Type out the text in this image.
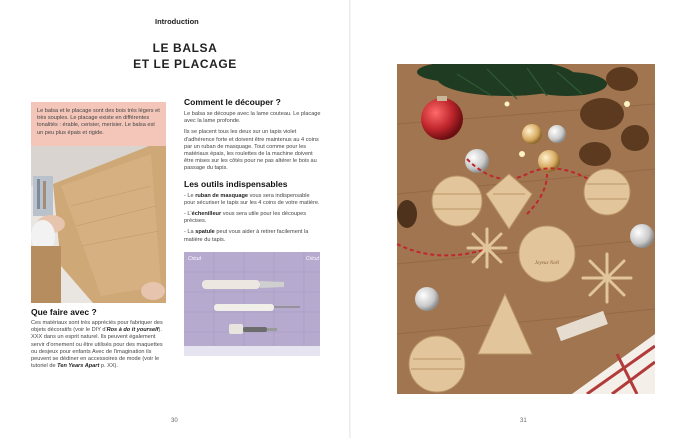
Introduction
LE BALSA
ET LE PLACAGE

Le balsa et le placage sont des bois très légers et très souples. Le placage existe en différentes tonalités : érable, cerisier, merisier. Le balsa est un peu plus épais et rigide.

Que faire avec ?

Ces matériaux sont très appréciés pour fabriquer des objets décoratifs (voir le DIY d'Ros à do it yourself). XXX dans un esprit naturel. Ils peuvent également servir d'ornement ou être utilisés pour des maquettes ou desjeux pour enfants Avec de l'imagination ils peuvent se dédiner en accessoires de mode (voir le tutoriel de Ten Years Apart p. XX).

Comment le découper ?

Le balsa se découpe avec la lame couteau. Le placage avec la lame profonde.

Ils se placent tous les deux sur un tapis violet d'adhérence forte et doivent être maintenus au 4 coins par un ruban de masquage. Tout comme pour les matériaux épais, les roulettes de la machine doivent être mises sur les côtés pour ne pas altérer le bois au passage du tapis.

Les outils indispensables

- Le ruban de masquage vous sera indispensable pour sécuriser le tapis sur les 4 coins de votre matière.

- L'échenilleur vous sera utile pour les découpes précises.

- La spatule peut vous aider à retirer facilement la matière du tapis.

Cricut	Cricut
30
Joyeux Noël
31
